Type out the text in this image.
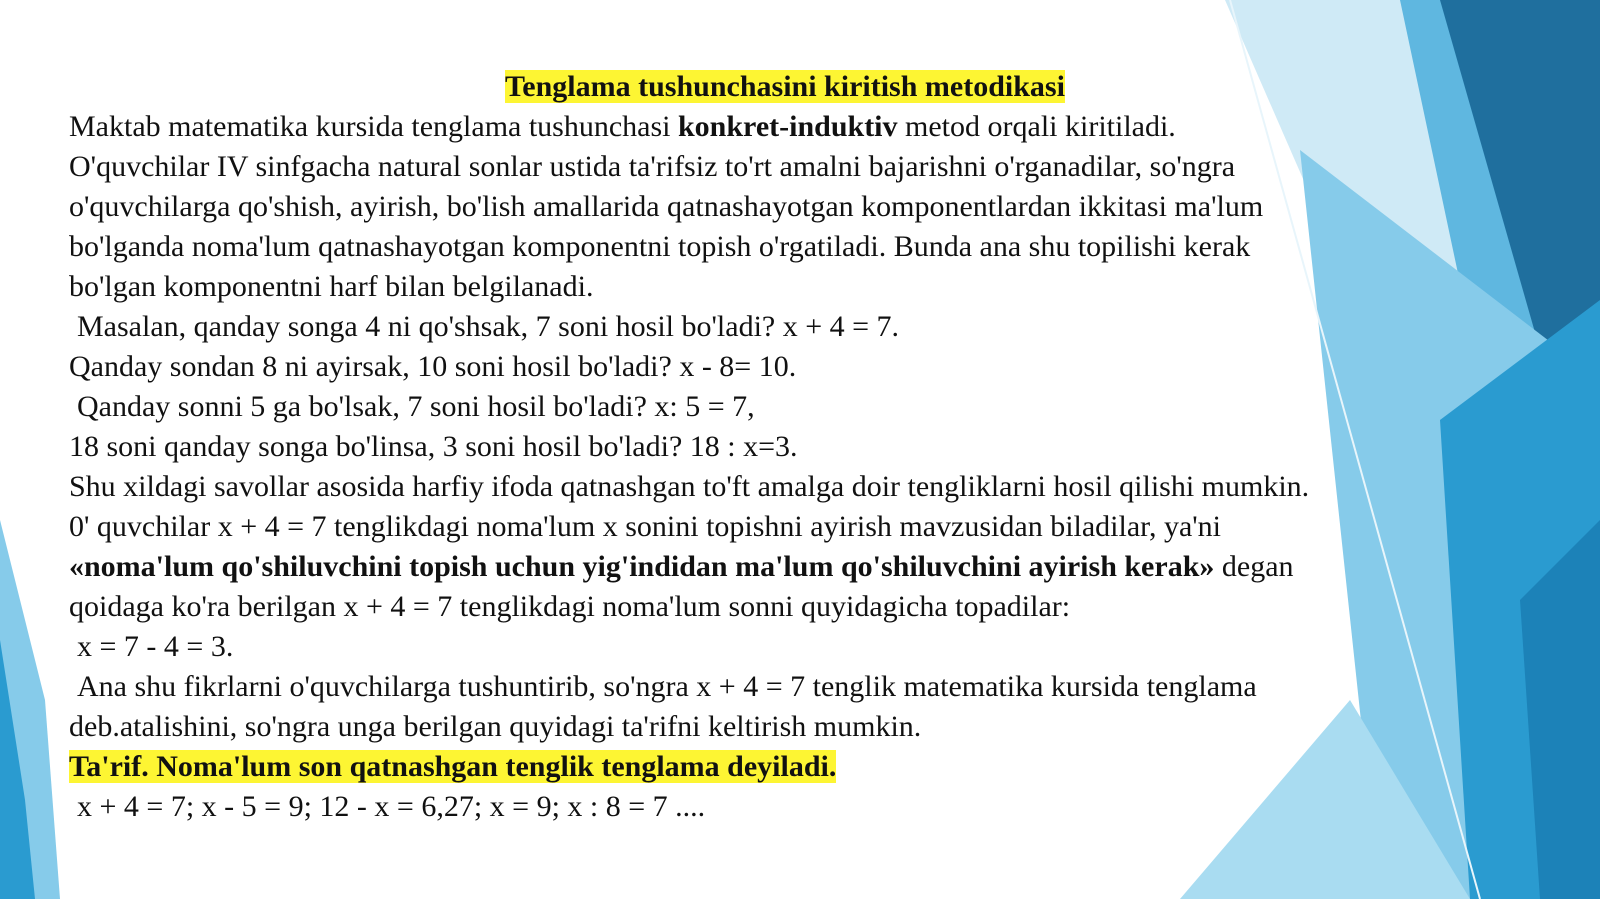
Tenglama tushunchasini kiritish metodikasi
Maktab matematika kursida tenglama tushunchasi konkret-induktiv metod orqali kiritiladi.
O'quvchilar IV sinfgacha natural sonlar ustida ta'rifsiz to'rt amalni bajarishni o'rganadilar, so'ngra
o'quvchilarga qo'shish, ayirish, bo'lish amallarida qatnashayotgan komponentlardan ikkitasi ma'lum
bo'lganda noma'lum qatnashayotgan komponentni topish o'rgatiladi. Bunda ana shu topilishi kerak
bo'lgan komponentni harf bilan belgilanadi.
Masalan, qanday songa 4 ni qo'shsak, 7 soni hosil bo'ladi? x + 4 = 7.
Qanday sondan 8 ni ayirsak, 10 soni hosil bo'ladi? x - 8= 10.
Qanday sonni 5 ga bo'lsak, 7 soni hosil bo'ladi? x: 5 = 7,
18 soni qanday songa bo'linsa, 3 soni hosil bo'ladi? 18 : x=3.
Shu xildagi savollar asosida harfiy ifoda qatnashgan to'ft amalga doir tengliklarni hosil qilishi mumkin.
0' quvchilar x + 4 = 7 tenglikdagi noma'lum x sonini topishni ayirish mavzusidan biladilar, ya'ni
«noma'lum qo'shiluvchini topish uchun yig'indidan ma'lum qo'shiluvchini ayirish kerak» degan
qoidaga ko'ra berilgan x + 4 = 7 tenglikdagi noma'lum sonni quyidagicha topadilar:
x = 7 - 4 = 3.
Ana shu fikrlarni o'quvchilarga tushuntirib, so'ngra x + 4 = 7 tenglik matematika kursida tenglama
deb.atalishini, so'ngra unga berilgan quyidagi ta'rifni keltirish mumkin.
Ta'rif. Noma'lum son qatnashgan tenglik tenglama deyiladi.
x + 4 = 7; x - 5 = 9; 12 - x = 6,27; x = 9; x : 8 = 7 ....
